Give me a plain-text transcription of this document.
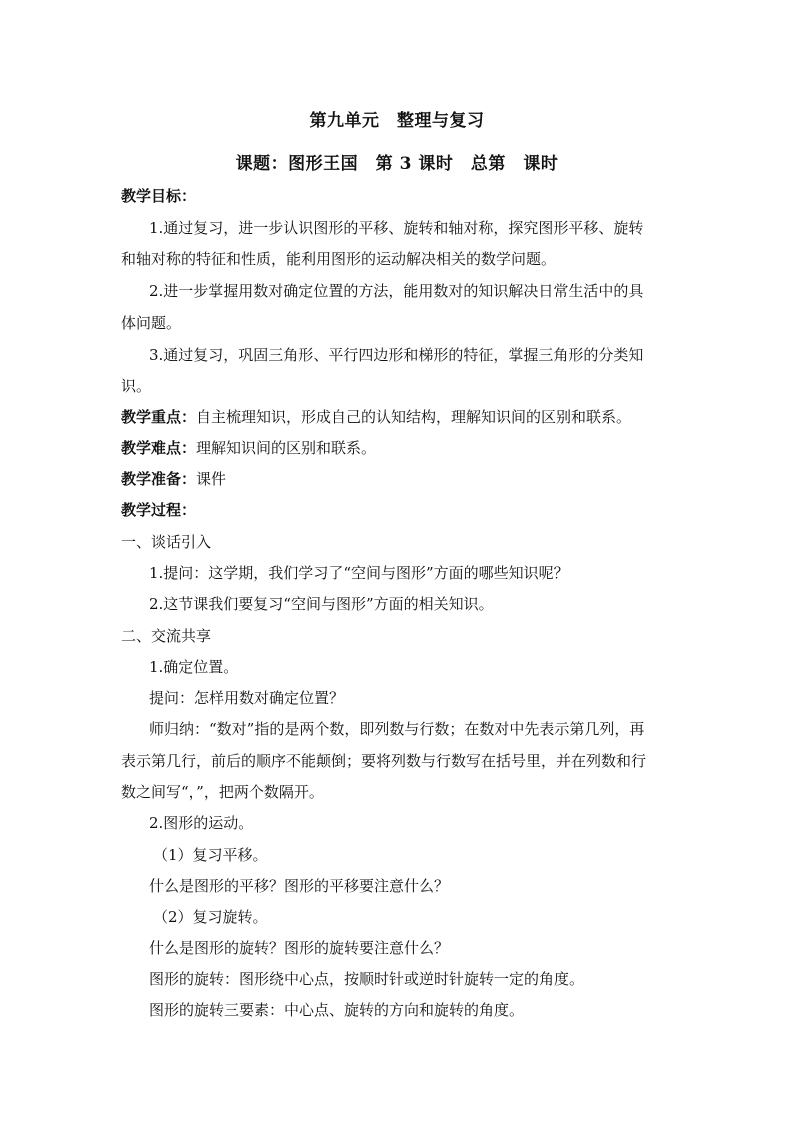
第九单元　整理与复习
课题：图形王国　第 3 课时　总第　课时
教学目标：
1.通过复习，进一步认识图形的平移、旋转和轴对称，探究图形平移、旋转
和轴对称的特征和性质，能利用图形的运动解决相关的数学问题。
2.进一步掌握用数对确定位置的方法，能用数对的知识解决日常生活中的具
体问题。
3.通过复习，巩固三角形、平行四边形和梯形的特征，掌握三角形的分类知
识。
教学重点：自主梳理知识，形成自己的认知结构，理解知识间的区别和联系。
教学难点：理解知识间的区别和联系。
教学准备：课件
教学过程：
一、谈话引入
1.提问：这学期，我们学习了“空间与图形”方面的哪些知识呢？
2.这节课我们要复习“空间与图形”方面的相关知识。
二、交流共享
1.确定位置。
提问：怎样用数对确定位置？
师归纳：“数对”指的是两个数，即列数与行数；在数对中先表示第几列，再
表示第几行，前后的顺序不能颠倒；要将列数与行数写在括号里，并在列数和行
数之间写“，”，把两个数隔开。
2.图形的运动。
（1）复习平移。
什么是图形的平移？图形的平移要注意什么？
（2）复习旋转。
什么是图形的旋转？图形的旋转要注意什么？
图形的旋转：图形绕中心点，按顺时针或逆时针旋转一定的角度。
图形的旋转三要素：中心点、旋转的方向和旋转的角度。
